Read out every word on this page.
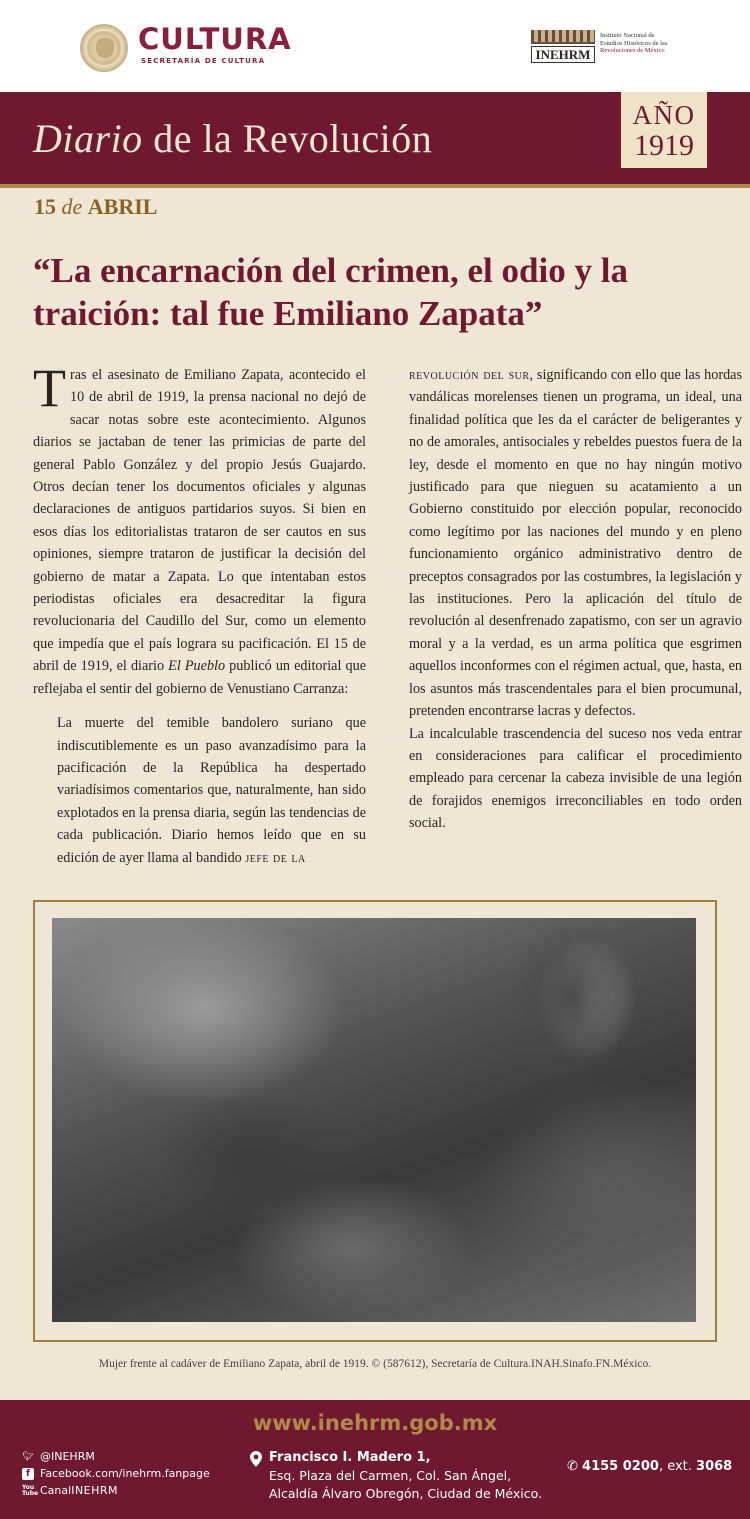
CULTURA
SECRETARÍA DE CULTURA	INEHRM
Instituto Nacional de
Estudios Históricos de las
Revoluciones de México
Diario de la Revolución
AÑO
1919
15 de ABRIL
“La encarnación del crimen, el odio y la traición: tal fue Emiliano Zapata”

Tras el asesinato de Emiliano Zapata, acontecido el 10 de abril de 1919, la prensa nacional no dejó de sacar notas sobre este acontecimiento. Algunos diarios se jactaban de tener las primicias de parte del general Pablo González y del propio Jesús Guajardo. Otros decían tener los documentos oficiales y algunas declaraciones de antiguos partidarios suyos. Si bien en esos días los editorialistas trataron de ser cautos en sus opiniones, siempre trataron de justificar la decisión del gobierno de matar a Zapata. Lo que intentaban estos periodistas oficiales era desacreditar la figura revolucionaria del Caudillo del Sur, como un elemento que impedía que el país lograra su pacificación. El 15 de abril de 1919, el diario El Pueblo publicó un editorial que reflejaba el sentir del gobierno de Venustiano Carranza:

La muerte del temible bandolero suriano que indiscutiblemente es un paso avanzadísimo para la pacificación de la República ha despertado variadísimos comentarios que, naturalmente, han sido explotados en la prensa diaria, según las tendencias de cada publicación. Diario hemos leído que en su edición de ayer llama al bandido jefe de la

revolución del sur, significando con ello que las hordas vandálicas morelenses tienen un programa, un ideal, una finalidad política que les da el carácter de beligerantes y no de amorales, antisociales y rebeldes puestos fuera de la ley, desde el momento en que no hay ningún motivo justificado para que nieguen su acatamiento a un Gobierno constituido por elección popular, reconocido como legítimo por las naciones del mundo y en pleno funcionamiento orgánico administrativo dentro de preceptos consagrados por las costumbres, la legislación y las instituciones. Pero la aplicación del título de revolución al desenfrenado zapatismo, con ser un agravio moral y a la verdad, es un arma política que esgrimen aquellos inconformes con el régimen actual, que, hasta, en los asuntos más trascendentales para el bien procumunal, pretenden encontrarse lacras y defectos.

La incalculable trascendencia del suceso nos veda entrar en consideraciones para calificar el procedimiento empleado para cercenar la cabeza invisible de una legión de forajidos enemigos irreconciliables en todo orden social.

Mujer frente al cadáver de Emiliano Zapata, abril de 1919. © (587612), Secretaría de Cultura.INAH.Sinafo.FN.México.
www.inehrm.gob.mx
🐦︎ @INEHRM
f Facebook.com/inehrm.fanpage
You Tube Canal INEHRM
Francisco I. Madero 1,
Esq. Plaza del Carmen, Col. San Ángel,
Alcaldía Álvaro Obregón, Ciudad de México.
✆ 4155 0200, ext. 3068
